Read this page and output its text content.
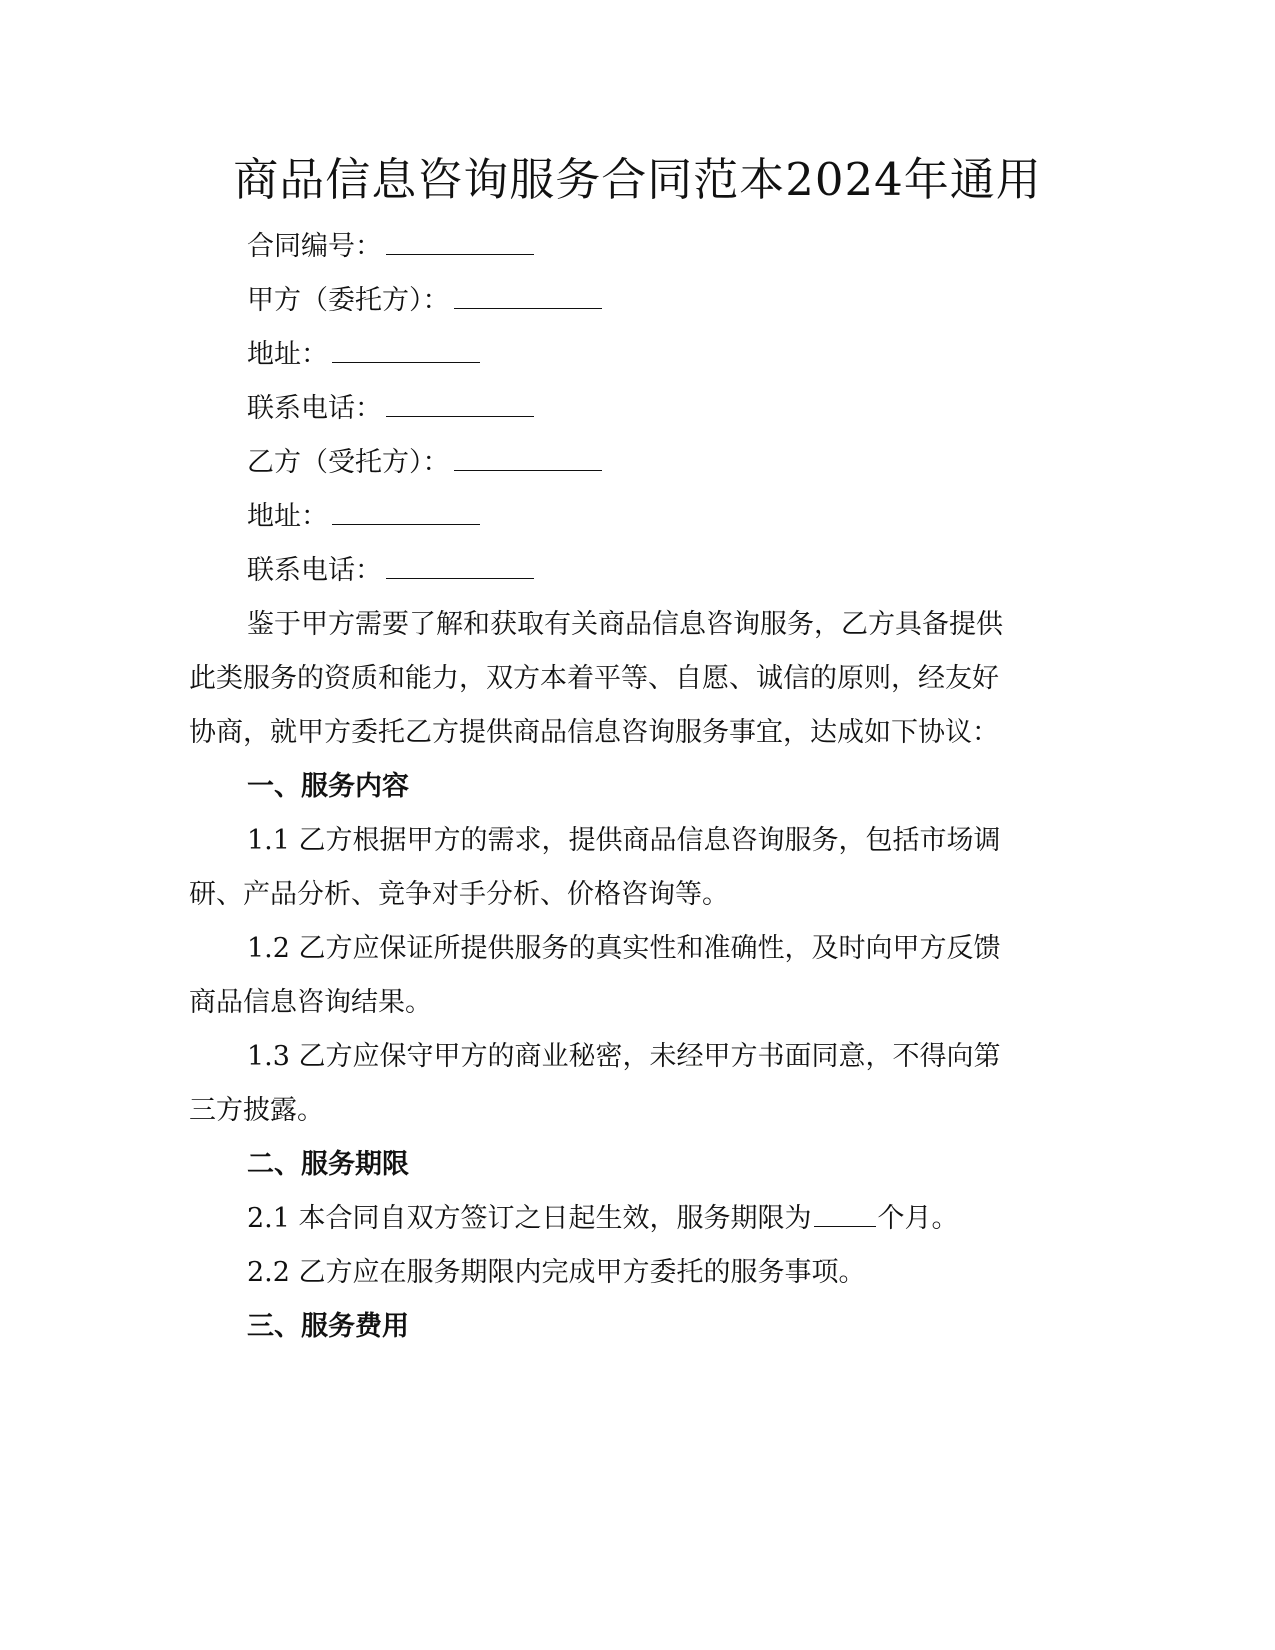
商品信息咨询服务合同范本2024年通用
合同编号：
甲方（委托方）：
地址：
联系电话：
乙方（受托方）：
地址：
联系电话：
鉴于甲方需要了解和获取有关商品信息咨询服务，乙方具备提供
此类服务的资质和能力，双方本着平等、自愿、诚信的原则，经友好
协商，就甲方委托乙方提供商品信息咨询服务事宜，达成如下协议：
一、服务内容
1.1 乙方根据甲方的需求，提供商品信息咨询服务，包括市场调
研、产品分析、竞争对手分析、价格咨询等。
1.2 乙方应保证所提供服务的真实性和准确性，及时向甲方反馈
商品信息咨询结果。
1.3 乙方应保守甲方的商业秘密，未经甲方书面同意，不得向第
三方披露。
二、服务期限
2.1 本合同自双方签订之日起生效，服务期限为 个月。
2.2 乙方应在服务期限内完成甲方委托的服务事项。
三、服务费用
